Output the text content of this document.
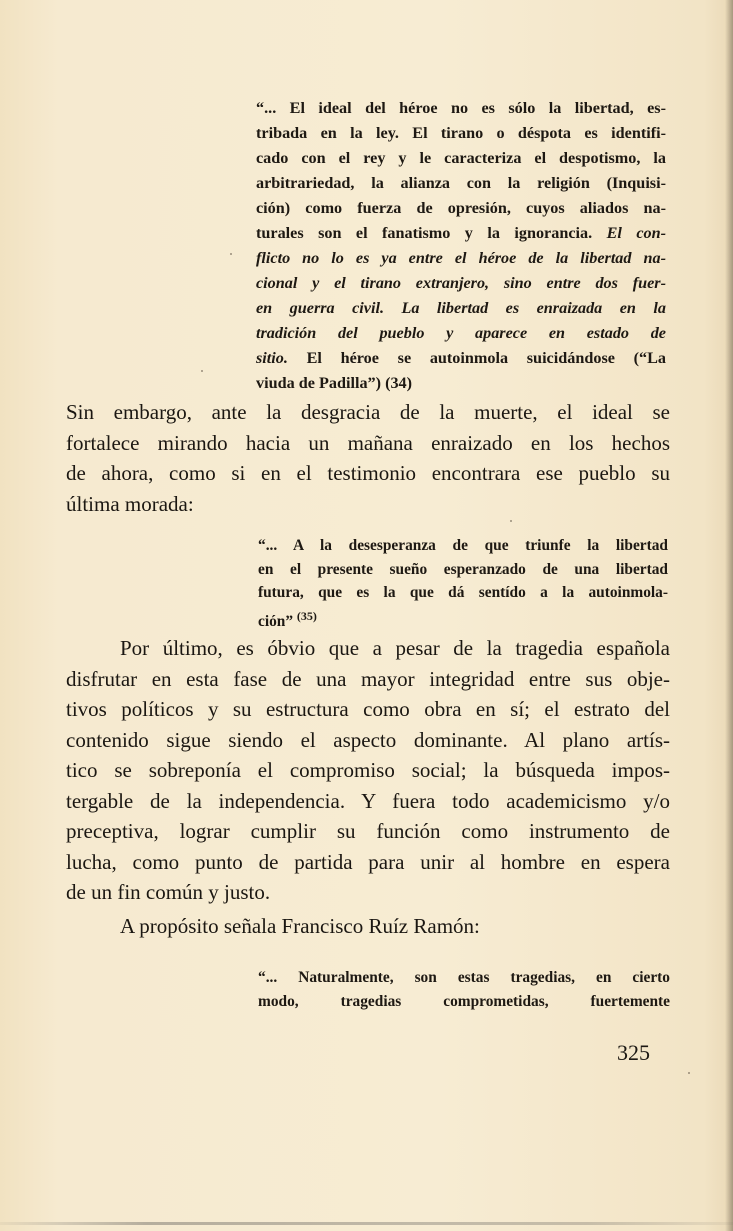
“... El ideal del héroe no es sólo la libertad, es-
tribada en la ley. El tirano o déspota es identifi-
cado con el rey y le caracteriza el despotismo, la
arbitrariedad, la alianza con la religión (Inquisi-
ción) como fuerza de opresión, cuyos aliados na-
turales son el fanatismo y la ignorancia. El con-
flicto no lo es ya entre el héroe de la libertad na-
cional y el tirano extranjero, sino entre dos fuer-
en guerra civil. La libertad es enraizada en la
tradición del pueblo y aparece en estado de
sitio. El héroe se autoinmola suicidándose (“La
viuda de Padilla”) (34)
Sin embargo, ante la desgracia de la muerte, el ideal se
fortalece mirando hacia un mañana enraizado en los hechos
de ahora, como si en el testimonio encontrara ese pueblo su
última morada:
“... A la desesperanza de que triunfe la libertad
en el presente sueño esperanzado de una libertad
futura, que es la que dá sentído a la autoinmola-
ción” $^{(35)}$
Por último, es óbvio que a pesar de la tragedia española
disfrutar en esta fase de una mayor integridad entre sus obje-
tivos políticos y su estructura como obra en sí; el estrato del
contenido sigue siendo el aspecto dominante. Al plano artís-
tico se sobreponía el compromiso social; la búsqueda impos-
tergable de la independencia. Y fuera todo academicismo y/o
preceptiva, lograr cumplir su función como instrumento de
lucha, como punto de partida para unir al hombre en espera
de un fin común y justo.
A propósito señala Francisco Ruíz Ramón:
“... Naturalmente, son estas tragedias, en cierto
modo, tragedias comprometidas, fuertemente
325
